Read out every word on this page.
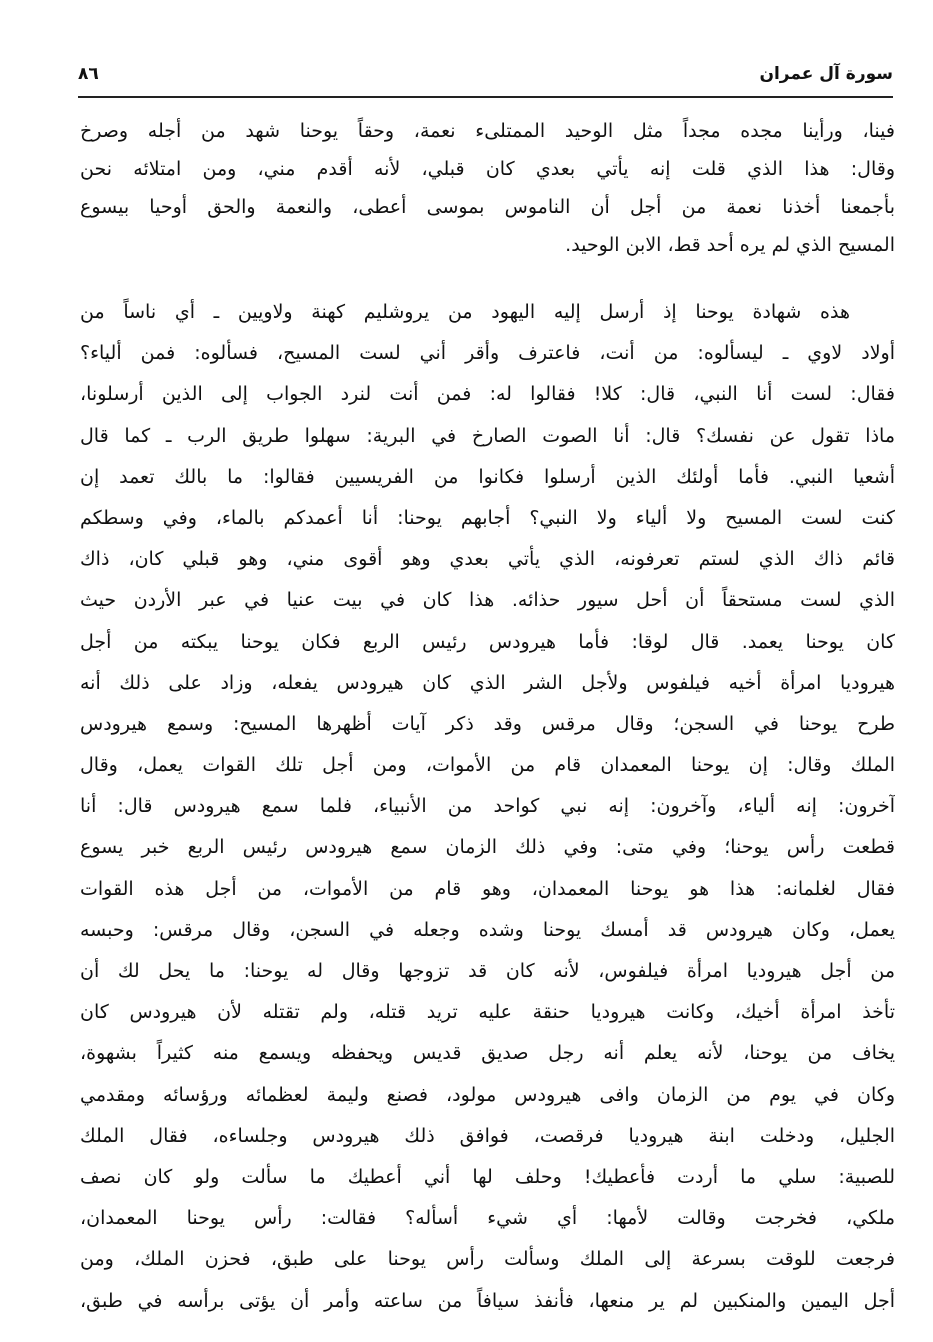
سورة آل عمران
٨٦
فينا، ورأينا مجده مجداً مثل الوحيد الممتلىء نعمة، وحقاً يوحنا شهد من أجله وصرخ
وقال: هذا الذي قلت إنه يأتي بعدي كان قبلي، لأنه أقدم مني، ومن امتلائه نحن
بأجمعنا أخذنا نعمة من أجل أن الناموس بموسى أعطى، والنعمة والحق أوحيا بيسوع
المسيح الذي لم يره أحد قط، الابن الوحيد.
هذه شهادة يوحنا إذ أرسل إليه اليهود من يروشليم كهنة ولاويين ـ أي ناساً من
أولاد لاوي ـ ليسألوه: من أنت، فاعترف وأقر أني لست المسيح، فسألوه: فمن ألياء؟
فقال: لست أنا النبي، قال: كلا! فقالوا له: فمن أنت لنرد الجواب إلى الذين أرسلونا،
ماذا تقول عن نفسك؟ قال: أنا الصوت الصارخ في البرية: سهلوا طريق الرب ـ كما قال
أشعيا النبي. فأما أولئك الذين أرسلوا فكانوا من الفريسيين فقالوا: ما بالك تعمد إن
كنت لست المسيح ولا ألياء ولا النبي؟ أجابهم يوحنا: أنا أعمدكم بالماء، وفي وسطكم
قائم ذاك الذي لستم تعرفونه، الذي يأتي بعدي وهو أقوى مني، وهو قبلي كان، ذاك
الذي لست مستحقاً أن أحل سيور حذائه. هذا كان في بيت عنيا في عبر الأردن حيث
كان يوحنا يعمد. قال لوقا: فأما هيرودس رئيس الربع فكان يوحنا يبكته من أجل
هيروديا امرأة أخيه فيلفوس ولأجل الشر الذي كان هيرودس يفعله، وزاد على ذلك أنه
طرح يوحنا في السجن؛ وقال مرقس وقد ذكر آيات أظهرها المسيح: وسمع هيرودس
الملك وقال: إن يوحنا المعمدان قام من الأموات، ومن أجل تلك القوات يعمل، وقال
آخرون: إنه ألياء، وآخرون: إنه نبي كواحد من الأنبياء، فلما سمع هيرودس قال: أنا
قطعت رأس يوحنا؛ وفي متى: وفي ذلك الزمان سمع هيرودس رئيس الربع خبر يسوع
فقال لغلمانه: هذا هو يوحنا المعمدان، وهو قام من الأموات، من أجل هذه القوات
يعمل، وكان هيرودس قد أمسك يوحنا وشده وجعله في السجن، وقال مرقس: وحبسه
من أجل هيروديا امرأة فيلفوس، لأنه كان قد تزوجها وقال له يوحنا: ما يحل لك أن
تأخذ امرأة أخيك، وكانت هيروديا حنقة عليه تريد قتله، ولم تقتله لأن هيرودس كان
يخاف من يوحنا، لأنه يعلم أنه رجل صديق قديس ويحفظه ويسمع منه كثيراً بشهوة،
وكان في يوم من الزمان وافى هيرودس مولود، فصنع وليمة لعظمائه ورؤسائه ومقدمي
الجليل، ودخلت ابنة هيروديا فرقصت، فوافق ذلك هيرودس وجلساءه، فقال الملك
للصبية: سلي ما أردت فأعطيك! وحلف لها أني أعطيك ما سألت ولو كان نصف
ملكي، فخرجت وقالت لأمها: أي شيء أسأله؟ فقالت: رأس يوحنا المعمدان،
فرجعت للوقت بسرعة إلى الملك وسألت رأس يوحنا على طبق، فحزن الملك، ومن
أجل اليمين والمنكبين لم ير منعها، فأنفذ سيافاً من ساعته وأمر أن يؤتى برأسه في طبق،
